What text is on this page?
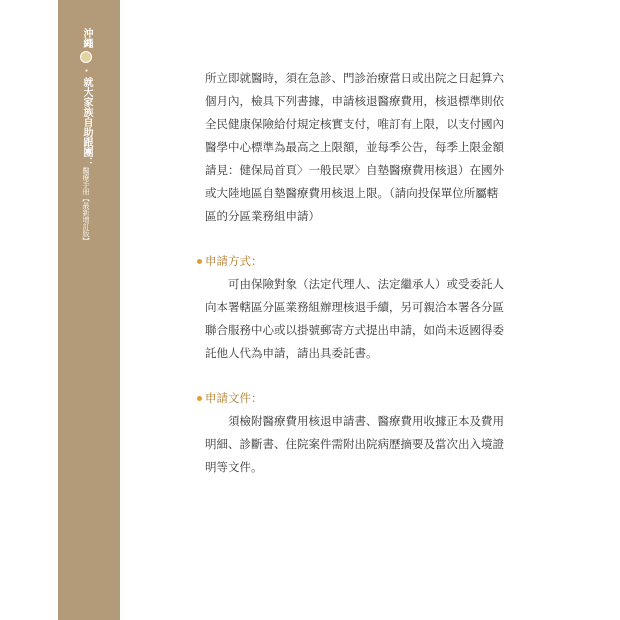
沖繩·就大家族自助跟團：醫療手冊【最新增訂版】
148

所立即就醫時，須在急診、門診治療當日或出院之日起算六
個月內，檢具下列書據，申請核退醫療費用，核退標準則依
全民健康保險給付規定核實支付，唯訂有上限，以支付國內
醫學中心標準為最高之上限額，並每季公告，每季上限金額
請見：健保局首頁〉一般民眾〉自墊醫療費用核退）在國外
或大陸地區自墊醫療費用核退上限。（請向投保單位所屬轄
區的分區業務組申請）

申請方式：

可由保險對象（法定代理人、法定繼承人）或受委託人
向本署轄區分區業務組辦理核退手續，另可親洽本署各分區
聯合服務中心或以掛號郵寄方式提出申請，如尚未返國得委
託他人代為申請，請出具委託書。

申請文件：

須檢附醫療費用核退申請書、醫療費用收據正本及費用
明細、診斷書、住院案件需附出院病歷摘要及當次出入境證
明等文件。
